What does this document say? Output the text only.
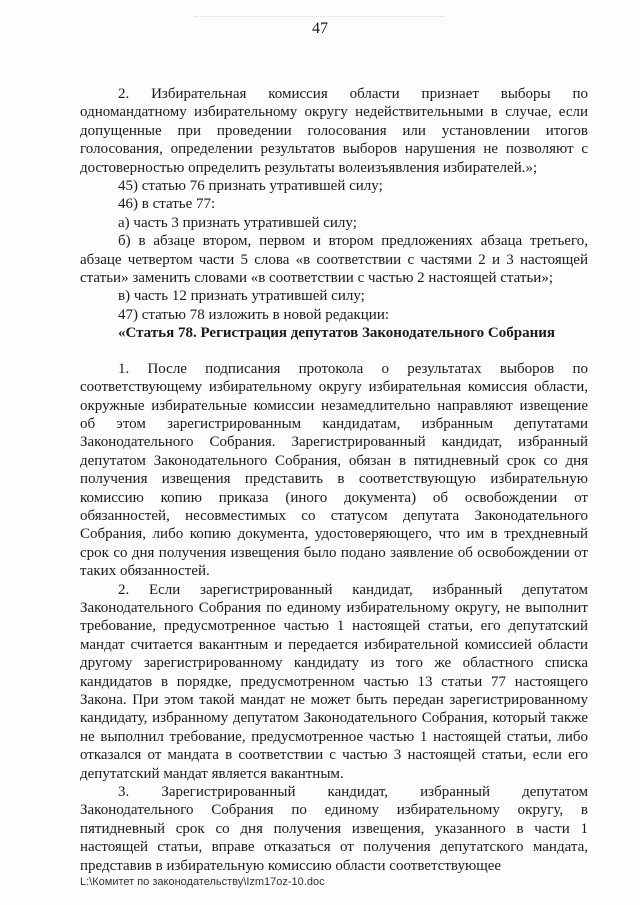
47

2. Избирательная комиссия области признает выборы по одномандатному избирательному округу недействительными в случае, если допущенные при проведении голосования или установлении итогов голосования, определении результатов выборов нарушения не позволяют с достоверностью определить результаты волеизъявления избирателей.»;

45) статью 76 признать утратившей силу;

46) в статье 77:

а) часть 3 признать утратившей силу;

б) в абзаце втором, первом и втором предложениях абзаца третьего, абзаце четвертом части 5 слова «в соответствии с частями 2 и 3 настоящей статьи» заменить словами «в соответствии с частью 2 настоящей статьи»;

в) часть 12 признать утратившей силу;

47) статью 78 изложить в новой редакции:

«Статья 78. Регистрация депутатов Законодательного Собрания

1. После подписания протокола о результатах выборов по соответствующему избирательному округу избирательная комиссия области, окружные избирательные комиссии незамедлительно направляют извещение об этом зарегистрированным кандидатам, избранным депутатами Законодательного Собрания. Зарегистрированный кандидат, избранный депутатом Законодательного Собрания, обязан в пятидневный срок со дня получения извещения представить в соответствующую избирательную комиссию копию приказа (иного документа) об освобождении от обязанностей, несовместимых со статусом депутата Законодательного Собрания, либо копию документа, удостоверяющего, что им в трехдневный срок со дня получения извещения было подано заявление об освобождении от таких обязанностей.

2. Если зарегистрированный кандидат, избранный депутатом Законодательного Собрания по единому избирательному округу, не выполнит требование, предусмотренное частью 1 настоящей статьи, его депутатский мандат считается вакантным и передается избирательной комиссией области другому зарегистрированному кандидату из того же областного списка кандидатов в порядке, предусмотренном частью 13 статьи 77 настоящего Закона. При этом такой мандат не может быть передан зарегистрированному кандидату, избранному депутатом Законодательного Собрания, который также не выполнил требование, предусмотренное частью 1 настоящей статьи, либо отказался от мандата в соответствии с частью 3 настоящей статьи, если его депутатский мандат является вакантным.

3. Зарегистрированный кандидат, избранный депутатом Законодательного Собрания по единому избирательному округу, в пятидневный срок со дня получения извещения, указанного в части 1 настоящей статьи, вправе отказаться от получения депутатского мандата, представив в избирательную комиссию области соответствующее

L:\Комитет по законодательству\Izm17oz-10.doc
